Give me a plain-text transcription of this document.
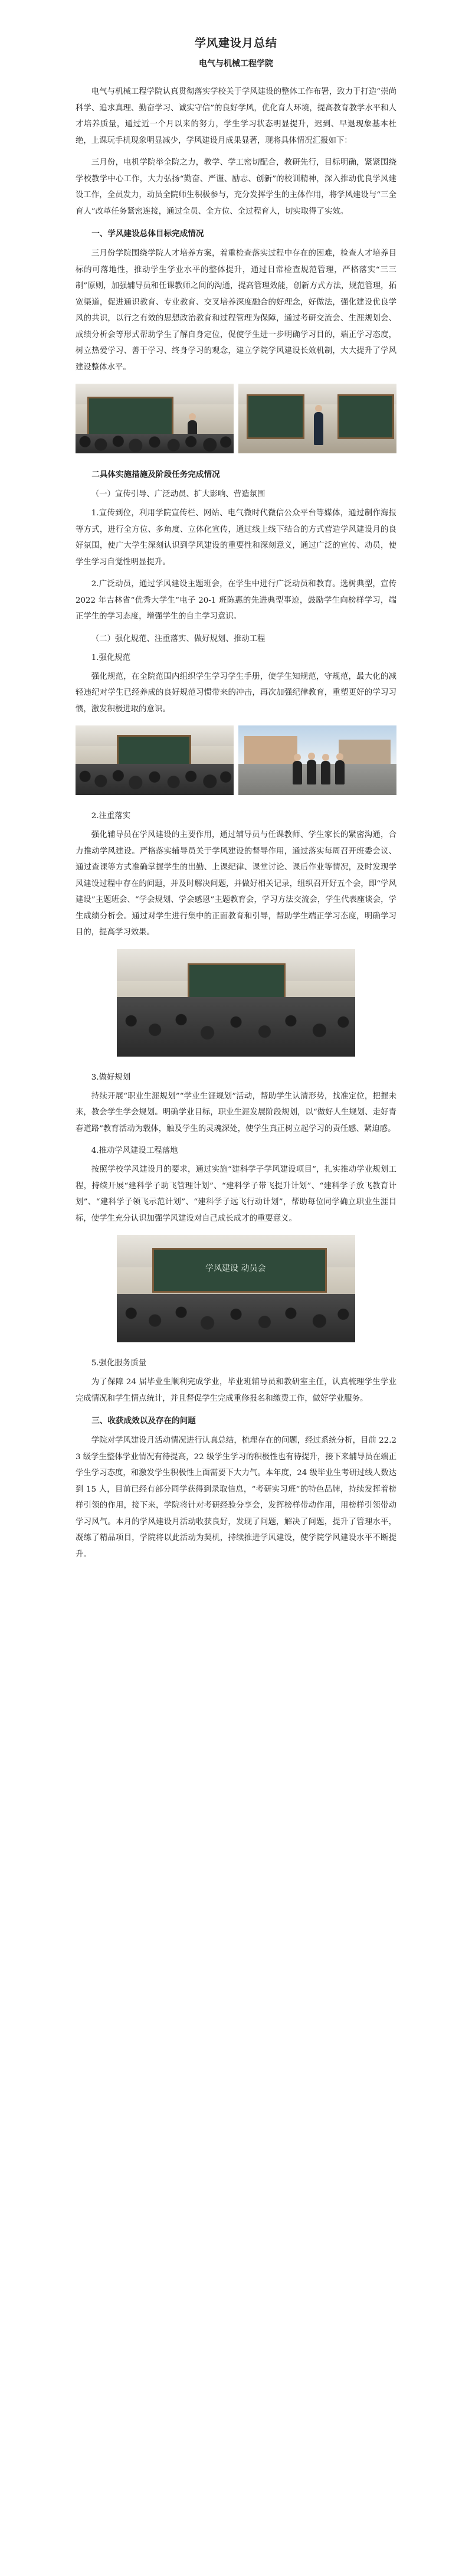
学风建设月总结
电气与机械工程学院

电气与机械工程学院认真贯彻落实学校关于学风建设的整体工作布署，致力于打造“崇尚科学、追求真理、勤奋学习、诚实守信”的良好学风，优化育人环境，提高教育教学水平和人才培养质量，通过近一个月以来的努力，学生学习状态明显提升，迟到、早退现象基本杜绝，上课玩手机现象明显减少，学风建设月成果显著，现将具体情况汇报如下：

三月份，电机学院举全院之力，教学、学工密切配合，教研先行，目标明确，紧紧围绕学校教学中心工作，大力弘扬“勤奋、严谨、励志、创新”的校训精神，深入推动优良学风建设工作，全员发力，动员全院师生积极参与，充分发挥学生的主体作用，将学风建设与“三全育人”改革任务紧密连接，通过全员、全方位、全过程育人，切实取得了实效。

一、学风建设总体目标完成情况

三月份学院围绕学院人才培养方案，着重检查落实过程中存在的困难，检查人才培养目标的可落地性，推动学生学业水平的整体提升，通过日常检查规范管理，严格落实“三三制”原则，加强辅导员和任课教师之间的沟通，提高管理效能，创新方式方法，规范管理，拓宽渠道，促进通识教育、专业教育、交叉培养深度融合的好理念，好做法，强化建设优良学风的共识，以行之有效的思想政治教育和过程管理为保障，通过考研交流会、生涯规划会、成绩分析会等形式帮助学生了解自身定位，促使学生进一步明确学习目的，端正学习态度，树立热爱学习、善于学习、终身学习的观念，建立学院学风建设长效机制，大大提升了学风建设整体水平。

二具体实施措施及阶段任务完成情况
（一）宣传引导、广泛动员、扩大影响、营造氛围

1.宣传到位，利用学院宣传栏、网站、电气微时代微信公众平台等媒体，通过制作海报等方式，进行全方位、多角度、立体化宣传，通过线上线下结合的方式营造学风建设月的良好氛围，使广大学生深刻认识到学风建设的重要性和深刻意义，通过广泛的宣传、动员，使学生学习自觉性明显提升。

2.广泛动员，通过学风建设主题班会，在学生中进行广泛动员和教育。选树典型，宣传 2022 年吉林省“优秀大学生”电子 20-1 班陈惠的先进典型事迹，鼓励学生向榜样学习，端正学生的学习态度，增强学生的自主学习意识。

（二）强化规范、注重落实、做好规划、推动工程
1.强化规范

强化规范，在全院范围内组织学生学习学生手册，使学生知规范，守规范，最大化的减轻违纪对学生已经养成的良好规范习惯带来的冲击，再次加强纪律教育，重塑更好的学习习惯，激发积极进取的意识。

2.注重落实

强化辅导员在学风建设的主要作用，通过辅导员与任课教师、学生家长的紧密沟通，合力推动学风建设。严格落实辅导员关于学风建设的督导作用，通过落实每周召开班委会议、通过查课等方式准确掌握学生的出勤、上课纪律、课堂讨论、课后作业等情况，及时发现学风建设过程中存在的问题，并及时解决问题，并做好相关记录，组织召开好五个会，即“学风建设”主题班会、“学会规划、学会感恩”主题教育会，学习方法交流会，学生代表座谈会，学生成绩分析会。通过对学生进行集中的正面教育和引导，帮助学生端正学习态度，明确学习目的，提高学习效果。

3.做好规划

持续开展“职业生涯规划”“学业生涯规划”活动，帮助学生认清形势，找准定位，把握未来，教会学生学会规划。明确学业目标，职业生涯发展阶段规划，以“做好人生规划、走好青春道路”教育活动为载体，触及学生的灵魂深处，使学生真正树立起学习的责任感、紧迫感。

4.推动学风建设工程落地

按照学校学风建设月的要求，通过实施“建科学子学风建设项目”，扎实推动学业规划工程，持续开展“建科学子助飞管理计划”、“建科学子带飞提升计划”、“建科学子放飞教育计划”、“建科学子领飞示范计划”、“建科学子远飞行动计划”，帮助每位同学确立职业生涯目标，使学生充分认识加强学风建设对自己成长成才的重要意义。

学风建设 动员会
5.强化服务质量

为了保障 24 届毕业生顺利完成学业，毕业班辅导员和教研室主任，认真梳理学生学业完成情况和学生情点统计，并且督促学生完成重修报名和缴费工作，做好学业服务。

三、收获成效以及存在的问题

学院对学风建设月活动情况进行认真总结，梳理存在的问题，经过系统分析，目前 22.23 级学生整体学业情况有待提高，22 级学生学习的积极性也有待提升，接下来辅导员在端正学生学习态度，和激发学生积极性上面需要下大力气。本年度，24 级毕业生考研过线人数达到 15 人，目前已经有部分同学获得到录取信息，“考研实习班”的特色品牌，持续发挥着榜样引领的作用，接下来，学院将针对考研经验分享会，发挥榜样带动作用，用榜样引领带动学习风气。本月的学风建设月活动收获良好，发现了问题，解决了问题，提升了管理水平，凝练了精品项目，学院将以此活动为契机，持续推进学风建设，使学院学风建设水平不断提升。
